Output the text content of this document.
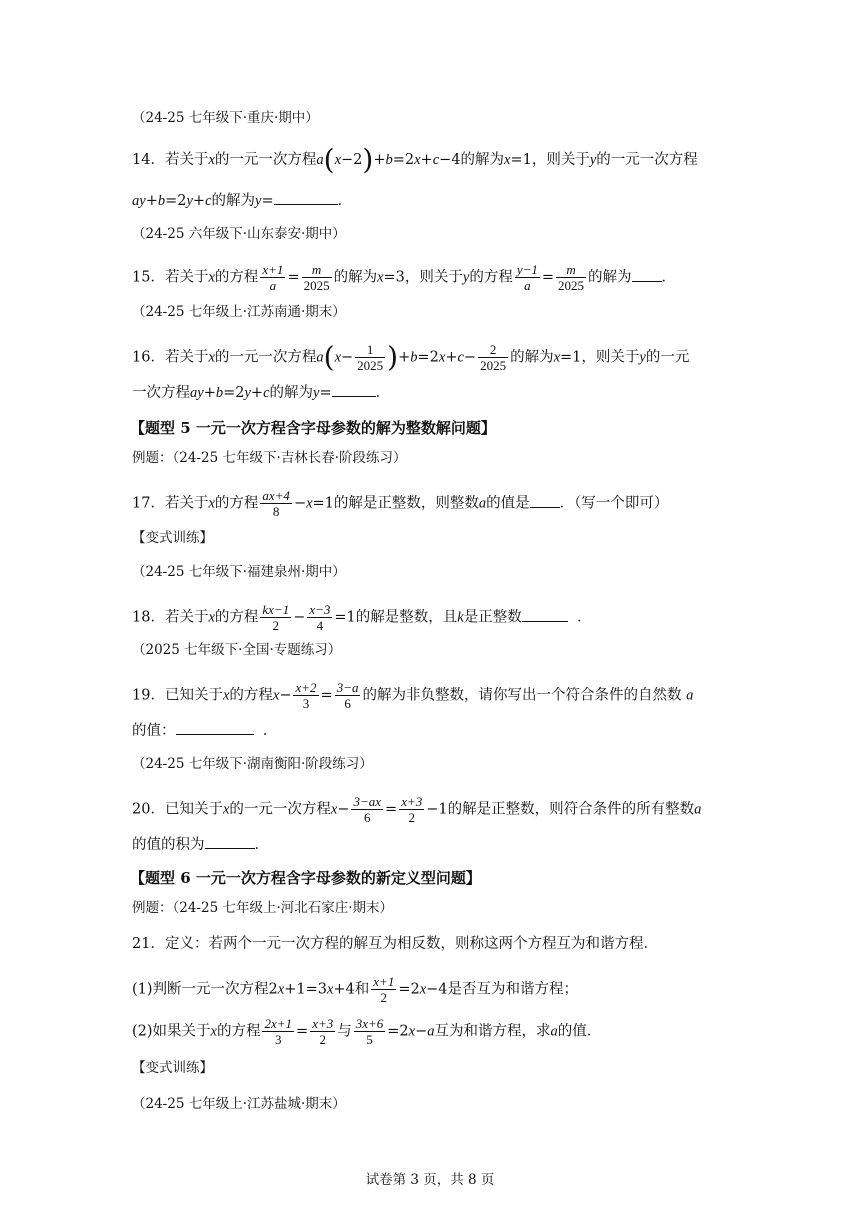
（24-25 七年级下·重庆·期中）
14．若关于x的一元一次方程a(x−2)+b=2x+c−4的解为x=1，则关于y的一元一次方程
ay+b=2y+c的解为y=	．
（24-25 六年级下·山东泰安·期中）
15．若关于x的方程 $\frac{x+1}{a} = \frac{m}{2025}$ 的解为x=3，则关于y的方程 $\frac{y-1}{a} = \frac{m}{2025}$ 的解为 ．
（24-25 七年级上·江苏南通·期末）
16．若关于x的一元一次方程$a(x- \frac{1}{2025} )+b=2x+c- \frac{2}{2025}$ 的解为x=1，则关于y的一元
一次方程ay+b=2y+c的解为y=	．
【题型 5 一元一次方程含字母参数的解为整数解问题】
例题：（24-25 七年级下·吉林长春·阶段练习）
17．若关于x的方程 $\frac{ax+4}{8} -x=1$的解是正整数，则整数a的值是 ．（写一个即可）
【变式训练】
（24-25 七年级下·福建泉州·期中）
18．若关于x的方程 $\frac{kx-1}{2} - \frac{x-3}{4} =1$的解是整数，且k是正整数	．
（2025 七年级下·全国·专题练习）
19．已知关于x的方程$x- \frac{x+2}{3} = \frac{3-a}{6}$ 的解为非负整数，请你写出一个符合条件的自然数 a
的值：	．
（24-25 七年级下·湖南衡阳·阶段练习）
20．已知关于x的一元一次方程$x- \frac{3-ax}{6} = \frac{x+3}{2} -1$的解是正整数，则符合条件的所有整数a
的值的积为	．
【题型 6 一元一次方程含字母参数的新定义型问题】
例题：（24-25 七年级上·河北石家庄·期末）
21．定义：若两个一元一次方程的解互为相反数，则称这两个方程互为和谐方程．
(1)判断一元一次方程2x+1=3x+4和 $\frac{x+1}{2} =2x-4$是否互为和谐方程；
(2)如果关于x的方程 $\frac{2x+1}{3} = \frac{x+3}{2}$ 与 $\frac{3x+6}{5} =2x-a$互为和谐方程，求a的值．
【变式训练】
（24-25 七年级上·江苏盐城·期末）
试卷第 3 页，共 8 页
